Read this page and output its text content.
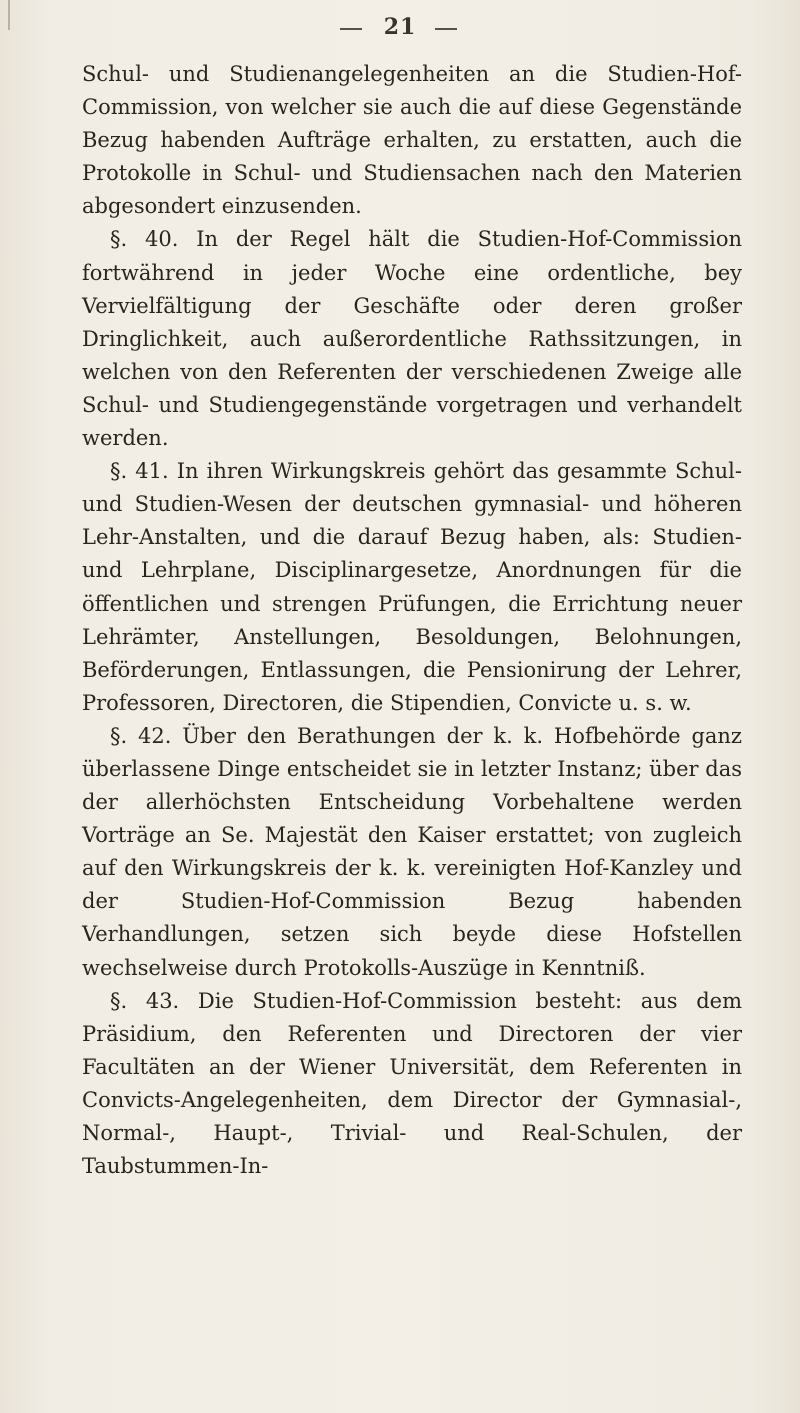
21

Schul- und Studienangelegenheiten an die Studien-Hof-Commission, von welcher sie auch die auf diese Gegenstände Bezug habenden Aufträge erhalten, zu erstatten, auch die Protokolle in Schul- und Studiensachen nach den Materien abgesondert einzusenden.

§. 40. In der Regel hält die Studien-Hof-Commission fortwährend in jeder Woche eine ordentliche, bey Vervielfältigung der Geschäfte oder deren großer Dringlichkeit, auch außerordentliche Rathssitzungen, in welchen von den Referenten der verschiedenen Zweige alle Schul- und Studiengegenstände vorgetragen und verhandelt werden.

§. 41. In ihren Wirkungskreis gehört das gesammte Schul- und Studien-Wesen der deutschen gymnasial- und höheren Lehr-Anstalten, und die darauf Bezug haben, als: Studien- und Lehrplane, Disciplinargesetze, Anordnungen für die öffentlichen und strengen Prüfungen, die Errichtung neuer Lehrämter, Anstellungen, Besoldungen, Belohnungen, Beförderungen, Entlassungen, die Pensionirung der Lehrer, Professoren, Directoren, die Stipendien, Convicte u. s. w.

§. 42. Über den Berathungen der k. k. Hofbehörde ganz überlassene Dinge entscheidet sie in letzter Instanz; über das der allerhöchsten Entscheidung Vorbehaltene werden Vorträge an Se. Majestät den Kaiser erstattet; von zugleich auf den Wirkungskreis der k. k. vereinigten Hof-Kanzley und der Studien-Hof-Commission Bezug habenden Verhandlungen, setzen sich beyde diese Hofstellen wechselweise durch Protokolls-Auszüge in Kenntniß.

§. 43. Die Studien-Hof-Commission besteht: aus dem Präsidium, den Referenten und Directoren der vier Facultäten an der Wiener Universität, dem Referenten in Convicts-Angelegenheiten, dem Director der Gymnasial-, Normal-, Haupt-, Trivial- und Real-Schulen, der Taubstummen-In-
